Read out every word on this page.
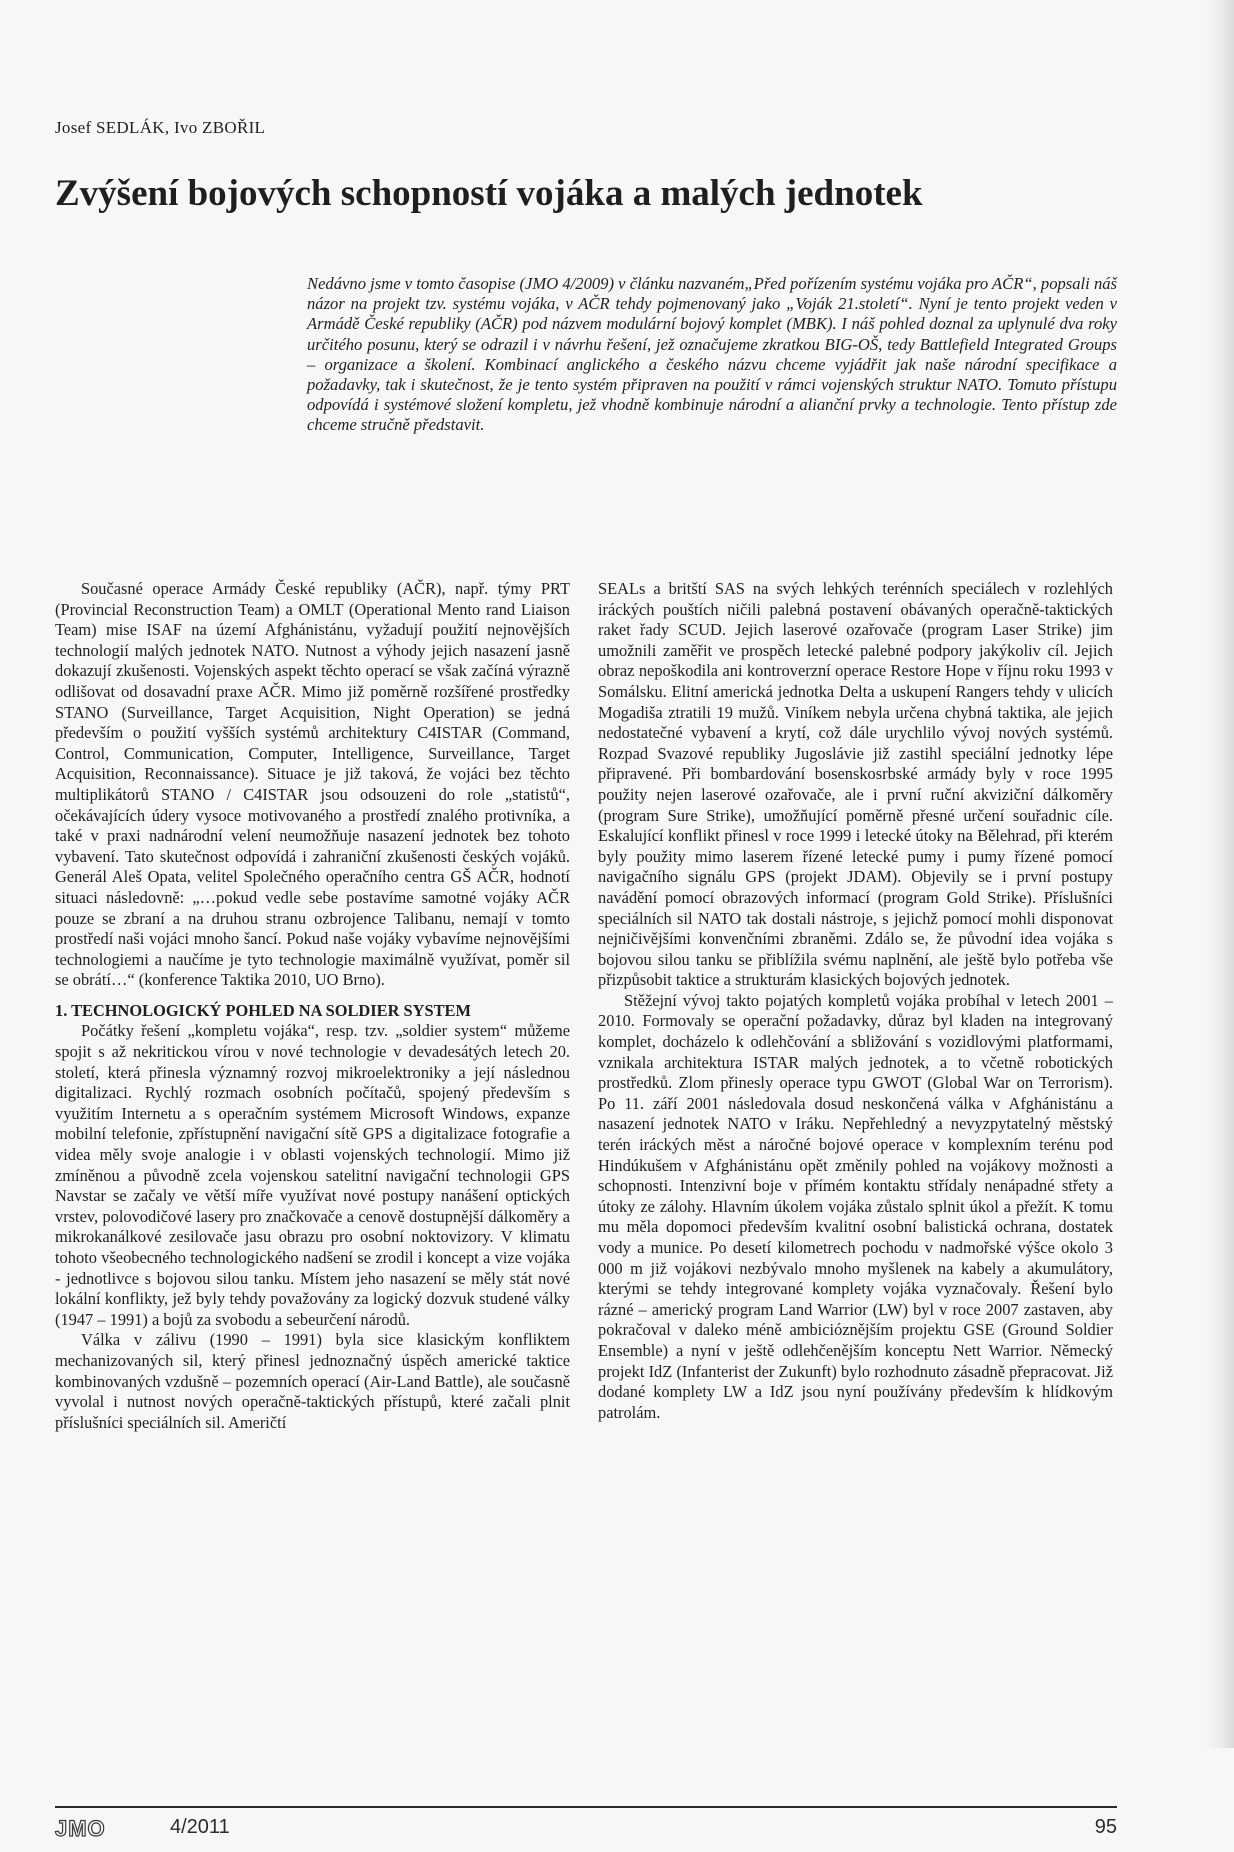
Josef SEDLÁK, Ivo ZBOŘIL
Zvýšení bojových schopností vojáka a malých jednotek

Nedávno jsme v tomto časopise (JMO 4/2009) v článku nazvaném„Před pořízením systému vojáka pro AČR“, popsali náš názor na projekt tzv. systému vojáka, v AČR tehdy pojmenovaný jako „Voják 21.století“. Nyní je tento projekt veden v Armádě České republiky (AČR) pod názvem modulární bojový komplet (MBK). I náš pohled doznal za uplynulé dva roky určitého posunu, který se odrazil i v návrhu řešení, jež označujeme zkratkou BIG-OŠ, tedy Battlefield Integrated Groups – organizace a školení. Kombinací anglického a českého názvu chceme vyjádřit jak naše národní specifikace a požadavky, tak i skutečnost, že je tento systém připraven na použití v rámci vojenských struktur NATO. Tomuto přístupu odpovídá i systémové složení kompletu, jež vhodně kombinuje národní a alianční prvky a technologie. Tento přístup zde chceme stručně představit.

Současné operace Armády České republiky (AČR), např. týmy PRT (Provincial Reconstruction Team) a OMLT (Operational Mento rand Liaison Team) mise ISAF na území Afghánistánu, vyžadují použití nejnovějších technologií malých jednotek NATO. Nutnost a výhody jejich nasazení jasně dokazují zkušenosti. Vojenských aspekt těchto operací se však začíná výrazně odlišovat od dosavadní praxe AČR. Mimo již poměrně rozšířené prostředky STANO (Surveillance, Target Acquisition, Night Operation) se jedná především o použití vyšších systémů architektury C4ISTAR (Command, Control, Communication, Computer, Intelligence, Surveillance, Target Acquisition, Reconnaissance). Situace je již taková, že vojáci bez těchto multiplikátorů STANO / C4ISTAR jsou odsouzeni do role „statistů“, očekávajících údery vysoce motivovaného a prostředí znalého protivníka, a také v praxi nadnárodní velení neumožňuje nasazení jednotek bez tohoto vybavení. Tato skutečnost odpovídá i zahraniční zkušenosti českých vojáků. Generál Aleš Opata, velitel Společného operačního centra GŠ AČR, hodnotí situaci následovně: „…pokud vedle sebe postavíme samotné vojáky AČR pouze se zbraní a na druhou stranu ozbrojence Talibanu, nemají v tomto prostředí naši vojáci mnoho šancí. Pokud naše vojáky vybavíme nejnovějšími technologiemi a naučíme je tyto technologie maximálně využívat, poměr sil se obrátí…“ (konference Taktika 2010, UO Brno).

1. TECHNOLOGICKÝ POHLED NA SOLDIER SYSTEM

Počátky řešení „kompletu vojáka“, resp. tzv. „soldier system“ můžeme spojit s až nekritickou vírou v nové technologie v devadesátých letech 20. století, která přinesla významný rozvoj mikroelektroniky a její následnou digitalizaci. Rychlý rozmach osobních počítačů, spojený především s využitím Internetu a s operačním systémem Microsoft Windows, expanze mobilní telefonie, zpřístupnění navigační sítě GPS a digitalizace fotografie a videa měly svoje analogie i v oblasti vojenských technologií. Mimo již zmíněnou a původně zcela vojenskou satelitní navigační technologii GPS Navstar se začaly ve větší míře využívat nové postupy nanášení optických vrstev, polovodičové lasery pro značkovače a cenově dostupnější dálkoměry a mikrokanálkové zesilovače jasu obrazu pro osobní noktovizory. V klimatu tohoto všeobecného technologického nadšení se zrodil i koncept a vize vojáka - jednotlivce s bojovou silou tanku. Místem jeho nasazení se měly stát nové lokální konflikty, jež byly tehdy považovány za logický dozvuk studené války (1947 – 1991) a bojů za svobodu a sebeurčení národů.

Válka v zálivu (1990 – 1991) byla sice klasickým konfliktem mechanizovaných sil, který přinesl jednoznačný úspěch americké taktice kombinovaných vzdušně – pozemních operací (Air-Land Battle), ale současně vyvolal i nutnost nových operačně-taktických přístupů, které začali plnit příslušníci speciálních sil. Američtí

SEALs a britští SAS na svých lehkých terénních speciálech v rozlehlých iráckých pouštích ničili palebná postavení obávaných operačně-taktických raket řady SCUD. Jejich laserové ozařovače (program Laser Strike) jim umožnili zaměřit ve prospěch letecké palebné podpory jakýkoliv cíl. Jejich obraz nepoškodila ani kontroverzní operace Restore Hope v říjnu roku 1993 v Somálsku. Elitní americká jednotka Delta a uskupení Rangers tehdy v ulicích Mogadiša ztratili 19 mužů. Viníkem nebyla určena chybná taktika, ale jejich nedostatečné vybavení a krytí, což dále urychlilo vývoj nových systémů. Rozpad Svazové republiky Jugoslávie již zastihl speciální jednotky lépe připravené. Při bombardování bosenskosrbské armády byly v roce 1995 použity nejen laserové ozařovače, ale i první ruční akviziční dálkoměry (program Sure Strike), umožňující poměrně přesné určení souřadnic cíle. Eskalující konflikt přinesl v roce 1999 i letecké útoky na Bělehrad, při kterém byly použity mimo laserem řízené letecké pumy i pumy řízené pomocí navigačního signálu GPS (projekt JDAM). Objevily se i první postupy navádění pomocí obrazových informací (program Gold Strike). Příslušníci speciálních sil NATO tak dostali nástroje, s jejichž pomocí mohli disponovat nejničivějšími konvenčními zbraněmi. Zdálo se, že původní idea vojáka s bojovou silou tanku se přiblížila svému naplnění, ale ještě bylo potřeba vše přizpůsobit taktice a strukturám klasických bojových jednotek.

Stěžejní vývoj takto pojatých kompletů vojáka probíhal v letech 2001 – 2010. Formovaly se operační požadavky, důraz byl kladen na integrovaný komplet, docházelo k odlehčování a sbližování s vozidlovými platformami, vznikala architektura ISTAR malých jednotek, a to včetně robotických prostředků. Zlom přinesly operace typu GWOT (Global War on Terrorism). Po 11. září 2001 následovala dosud neskončená válka v Afghánistánu a nasazení jednotek NATO v Iráku. Nepřehledný a nevyzpytatelný městský terén iráckých měst a náročné bojové operace v komplexním terénu pod Hindúkušem v Afghánistánu opět změnily pohled na vojákovy možnosti a schopnosti. Intenzivní boje v přímém kontaktu střídaly nenápadné střety a útoky ze zálohy. Hlavním úkolem vojáka zůstalo splnit úkol a přežít. K tomu mu měla dopomoci především kvalitní osobní balistická ochrana, dostatek vody a munice. Po desetí kilometrech pochodu v nadmořské výšce okolo 3 000 m již vojákovi nezbývalo mnoho myšlenek na kabely a akumulátory, kterými se tehdy integrované komplety vojáka vyznačovaly. Řešení bylo rázné – americký program Land Warrior (LW) byl v roce 2007 zastaven, aby pokračoval v daleko méně ambicióznějším projektu GSE (Ground Soldier Ensemble) a nyní v ještě odlehčenějším konceptu Nett Warrior. Německý projekt IdZ (Infanterist der Zukunft) bylo rozhodnuto zásadně přepracovat. Již dodané komplety LW a IdZ jsou nyní používány především k hlídkovým patrolám.

JMO	4/2011	95
